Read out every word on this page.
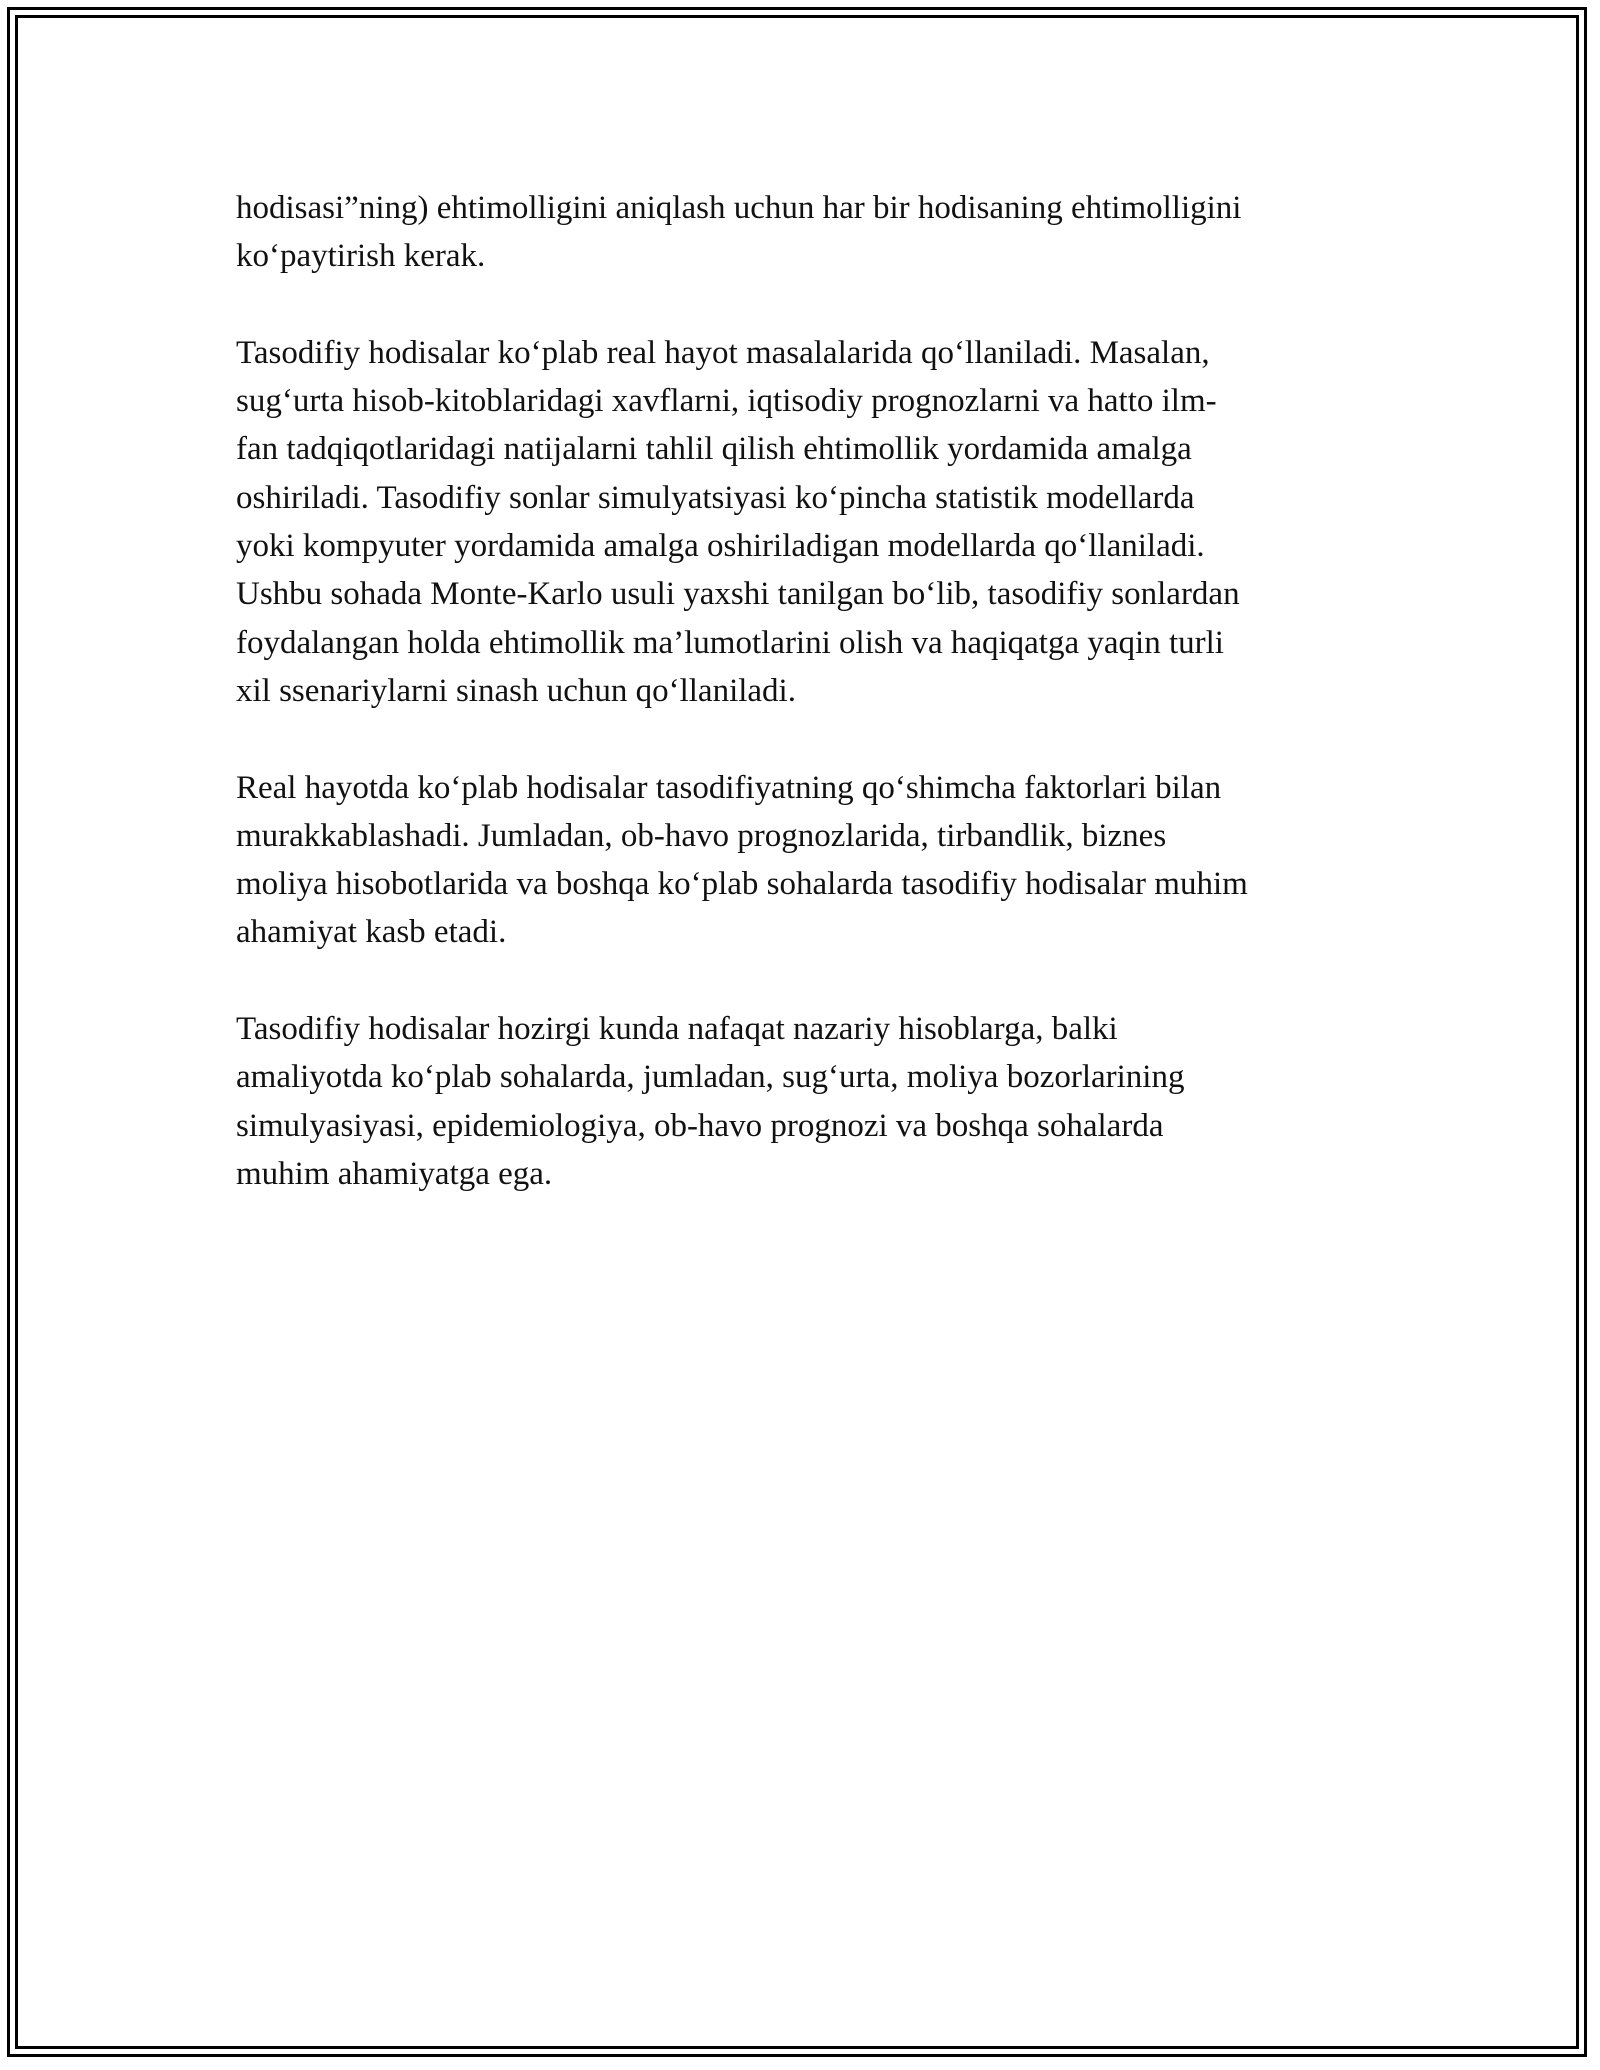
hodisasi”ning) ehtimolligini aniqlash uchun har bir hodisaning ehtimolligini
ko‘paytirish kerak.

Tasodifiy hodisalar ko‘plab real hayot masalalarida qo‘llaniladi. Masalan,
sug‘urta hisob-kitoblaridagi xavflarni, iqtisodiy prognozlarni va hatto ilm-
fan tadqiqotlaridagi natijalarni tahlil qilish ehtimollik yordamida amalga
oshiriladi. Tasodifiy sonlar simulyatsiyasi ko‘pincha statistik modellarda
yoki kompyuter yordamida amalga oshiriladigan modellarda qo‘llaniladi.
Ushbu sohada Monte-Karlo usuli yaxshi tanilgan bo‘lib, tasodifiy sonlardan
foydalangan holda ehtimollik ma’lumotlarini olish va haqiqatga yaqin turli
xil ssenariylarni sinash uchun qo‘llaniladi.

Real hayotda ko‘plab hodisalar tasodifiyatning qo‘shimcha faktorlari bilan
murakkablashadi. Jumladan, ob-havo prognozlarida, tirbandlik, biznes
moliya hisobotlarida va boshqa ko‘plab sohalarda tasodifiy hodisalar muhim
ahamiyat kasb etadi.

Tasodifiy hodisalar hozirgi kunda nafaqat nazariy hisoblarga, balki
amaliyotda ko‘plab sohalarda, jumladan, sug‘urta, moliya bozorlarining
simulyasiyasi, epidemiologiya, ob-havo prognozi va boshqa sohalarda
muhim ahamiyatga ega.
